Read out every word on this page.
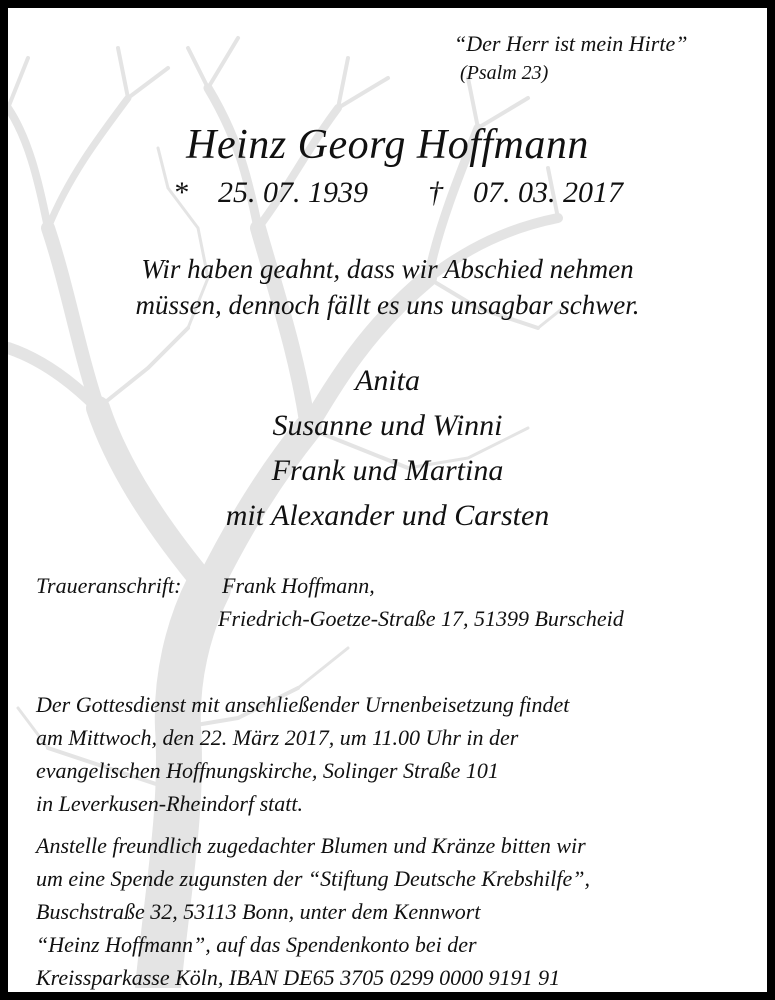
“Der Herr ist mein Hirte”
(Psalm 23)
Heinz Georg Hoffmann
* 25. 07. 1939 † 07. 03. 2017
Wir haben geahnt, dass wir Abschied nehmen
müssen, dennoch fällt es uns unsagbar schwer.
Anita
Susanne und Winni
Frank und Martina
mit Alexander und Carsten
Traueranschrift: Frank Hoffmann,
Friedrich-Goetze-Straße 17, 51399 Burscheid
Der Gottesdienst mit anschließender Urnenbeisetzung findet
am Mittwoch, den 22. März 2017, um 11.00 Uhr in der
evangelischen Hoffnungskirche, Solinger Straße 101
in Leverkusen-Rheindorf statt.
Anstelle freundlich zugedachter Blumen und Kränze bitten wir
um eine Spende zugunsten der “Stiftung Deutsche Krebshilfe”,
Buschstraße 32, 53113 Bonn, unter dem Kennwort
“Heinz Hoffmann”, auf das Spendenkonto bei der
Kreissparkasse Köln, IBAN DE65 3705 0299 0000 9191 91
